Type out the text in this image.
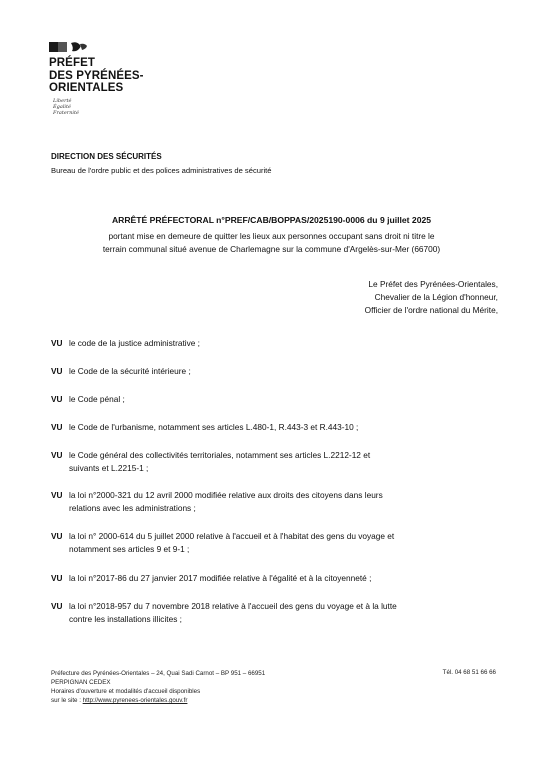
PRÉFET
DES PYRÉNÉES-
ORIENTALES
Liberté
Égalité
Fraternité
DIRECTION DES SÉCURITÉS
Bureau de l'ordre public et des polices administratives de sécurité
ARRÊTÉ PRÉFECTORAL n°PREF/CAB/BOPPAS/2025190-0006 du 9 juillet 2025
portant mise en demeure de quitter les lieux aux personnes occupant sans droit ni titre le
terrain communal situé avenue de Charlemagne sur la commune d'Argelès-sur-Mer (66700)
Le Préfet des Pyrénées-Orientales,
Chevalier de la Légion d'honneur,
Officier de l'ordre national du Mérite,
VU le code de la justice administrative ;
VU le Code de la sécurité intérieure ;
VU le Code pénal ;
VU le Code de l'urbanisme, notamment ses articles L.480-1, R.443-3 et R.443-10 ;
VU le Code général des collectivités territoriales, notamment ses articles L.2212-12 et
suivants et L.2215-1 ;
VU la loi n°2000-321 du 12 avril 2000 modifiée relative aux droits des citoyens dans leurs
relations avec les administrations ;
VU la loi n° 2000-614 du 5 juillet 2000 relative à l'accueil et à l'habitat des gens du voyage et
notamment ses articles 9 et 9-1 ;
VU la loi n°2017-86 du 27 janvier 2017 modifiée relative à l'égalité et à la citoyenneté ;
VU la loi n°2018-957 du 7 novembre 2018 relative à l'accueil des gens du voyage et à la lutte
contre les installations illicites ;
Préfecture des Pyrénées-Orientales – 24, Quai Sadi Carnot – BP 951 – 66951
PERPIGNAN CEDEX
Horaires d'ouverture et modalités d'accueil disponibles
sur le site : http://www.pyrenees-orientales.gouv.fr
Tél. 04 68 51 66 66
